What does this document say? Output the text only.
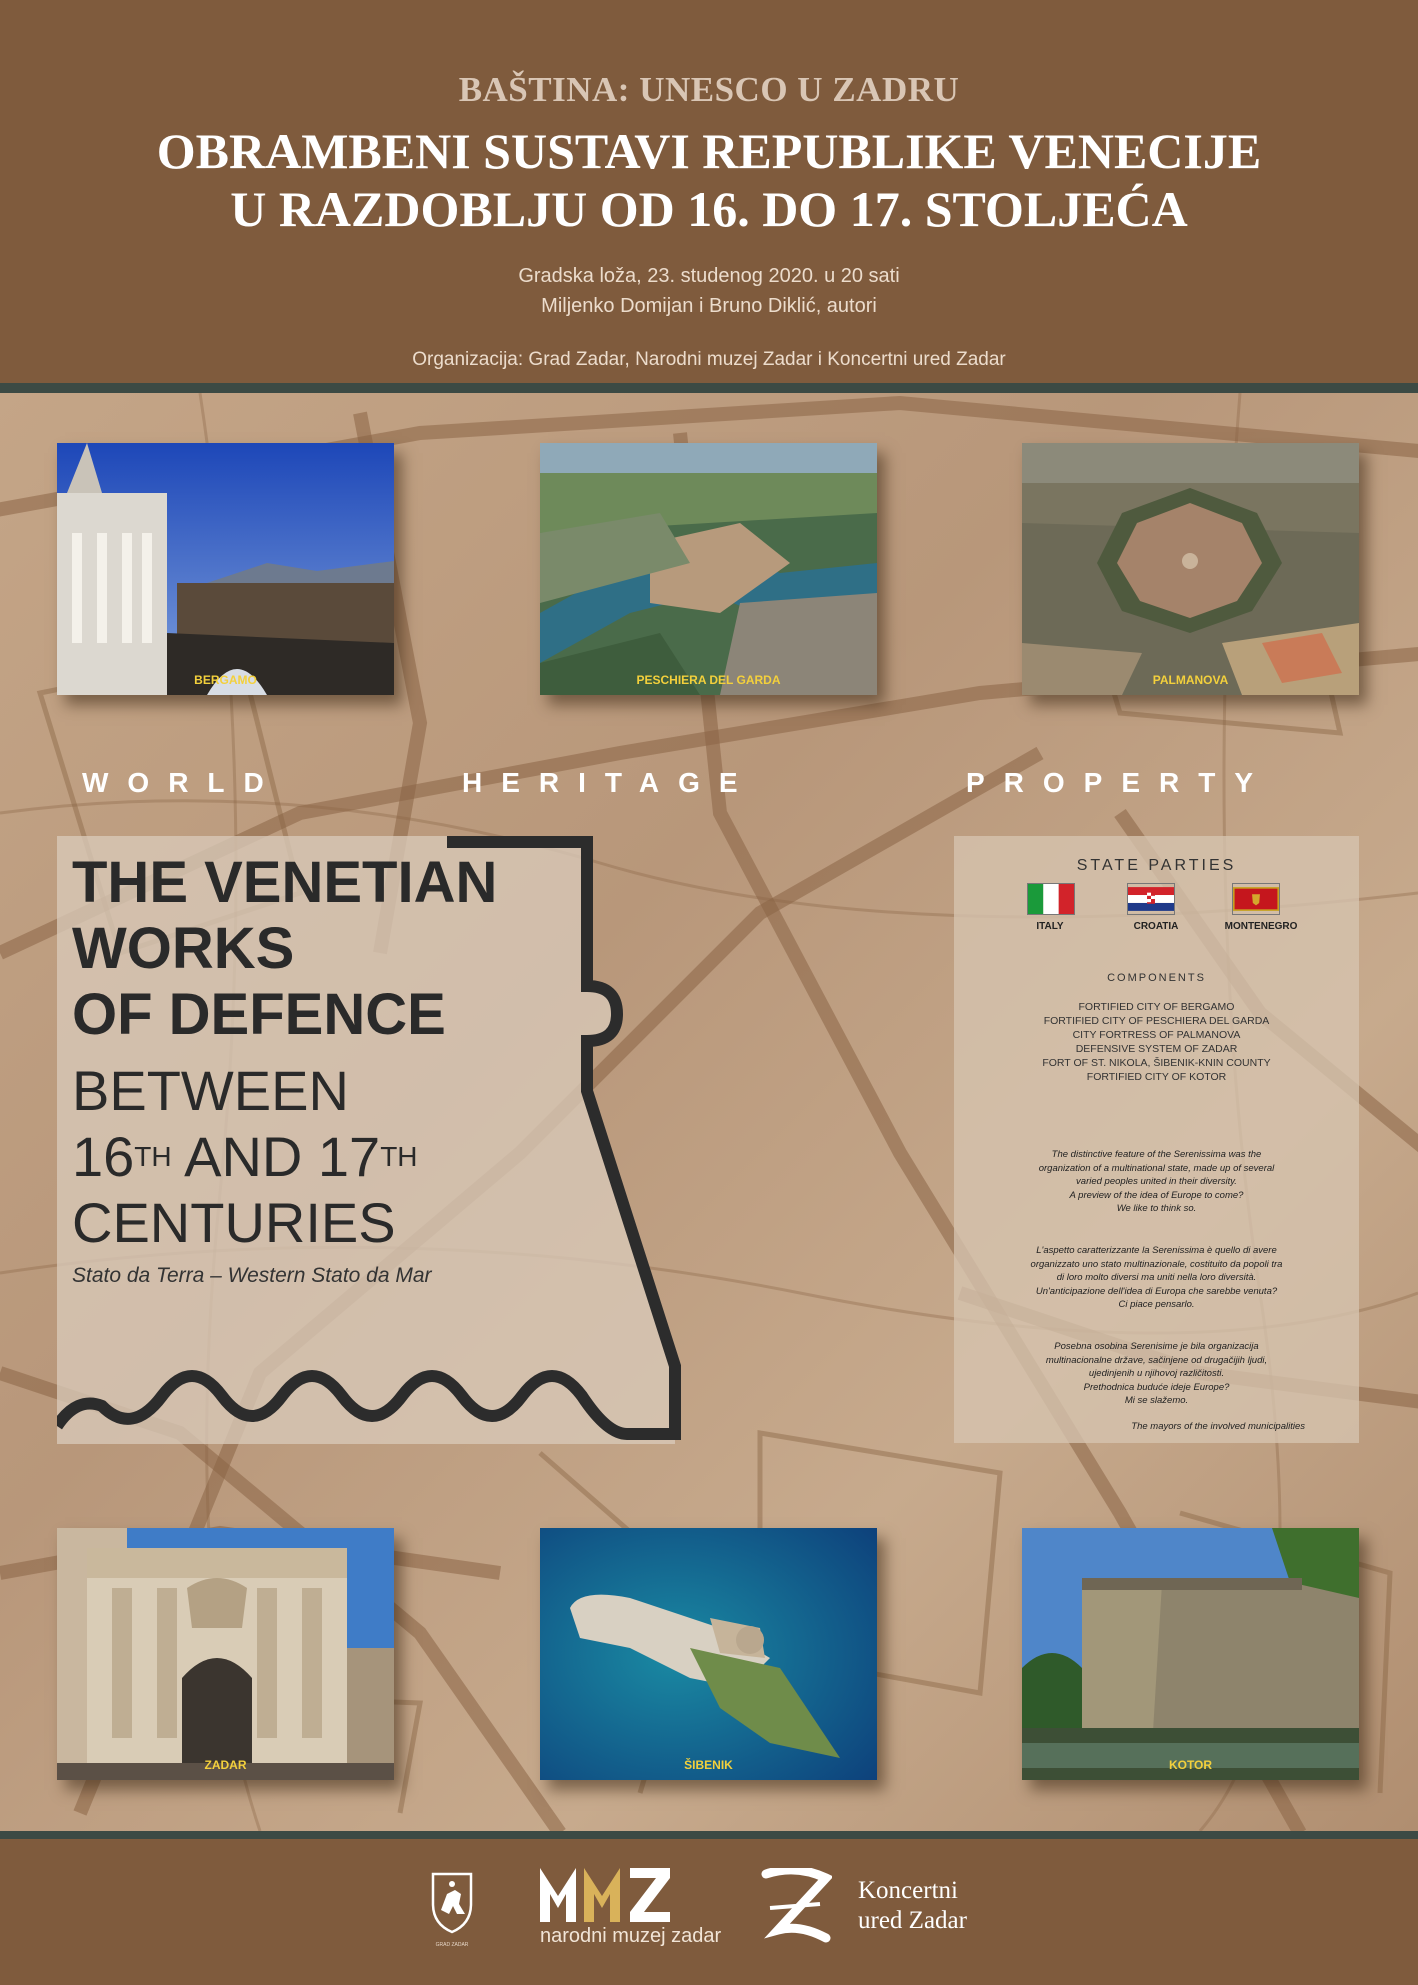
BAŠTINA: UNESCO U ZADRU
OBRAMBENI SUSTAVI REPUBLIKE VENECIJE
U RAZDOBLJU OD 16. DO 17. STOLJEĆA
Gradska loža, 23. studenog 2020. u 20 sati
Miljenko Domijan i Bruno Diklić, autori
Organizacija: Grad Zadar, Narodni muzej Zadar i Koncertni ured Zadar
BERGAMO	PESCHIERA DEL GARDA	PALMANOVA
WORLD	HERITAGE	PROPERTY
THE VENETIAN
WORKS
OF DEFENCE
BETWEEN
16TH AND 17TH
CENTURIES
Stato da Terra – Western Stato da Mar
STATE PARTIES
ITALY	CROATIA	MONTENEGRO
COMPONENTS
FORTIFIED CITY OF BERGAMO
FORTIFIED CITY OF PESCHIERA DEL GARDA
CITY FORTRESS OF PALMANOVA
DEFENSIVE SYSTEM OF ZADAR
FORT OF ST. NIKOLA, ŠIBENIK-KNIN COUNTY
FORTIFIED CITY OF KOTOR
The distinctive feature of the Serenissima was the
organization of a multinational state, made up of several
varied peoples united in their diversity.
A preview of the idea of Europe to come?
We like to think so.
L'aspetto caratterizzante la Serenissima è quello di avere
organizzato uno stato multinazionale, costituito da popoli tra
di loro molto diversi ma uniti nella loro diversità.
Un'anticipazione dell'idea di Europa che sarebbe venuta?
Ci piace pensarlo.
Posebna osobina Serenisime je bila organizacija
multinacionalne države, sačinjene od drugačijih ljudi,
ujedinjenih u njihovoj različitosti.
Prethodnica buduće ideje Europe?
Mi se slažemo.
The mayors of the involved municipalities
ZADAR	ŠIBENIK	KOTOR
GRAD ZADAR	narodni muzej zadar
Koncertni
ured Zadar
